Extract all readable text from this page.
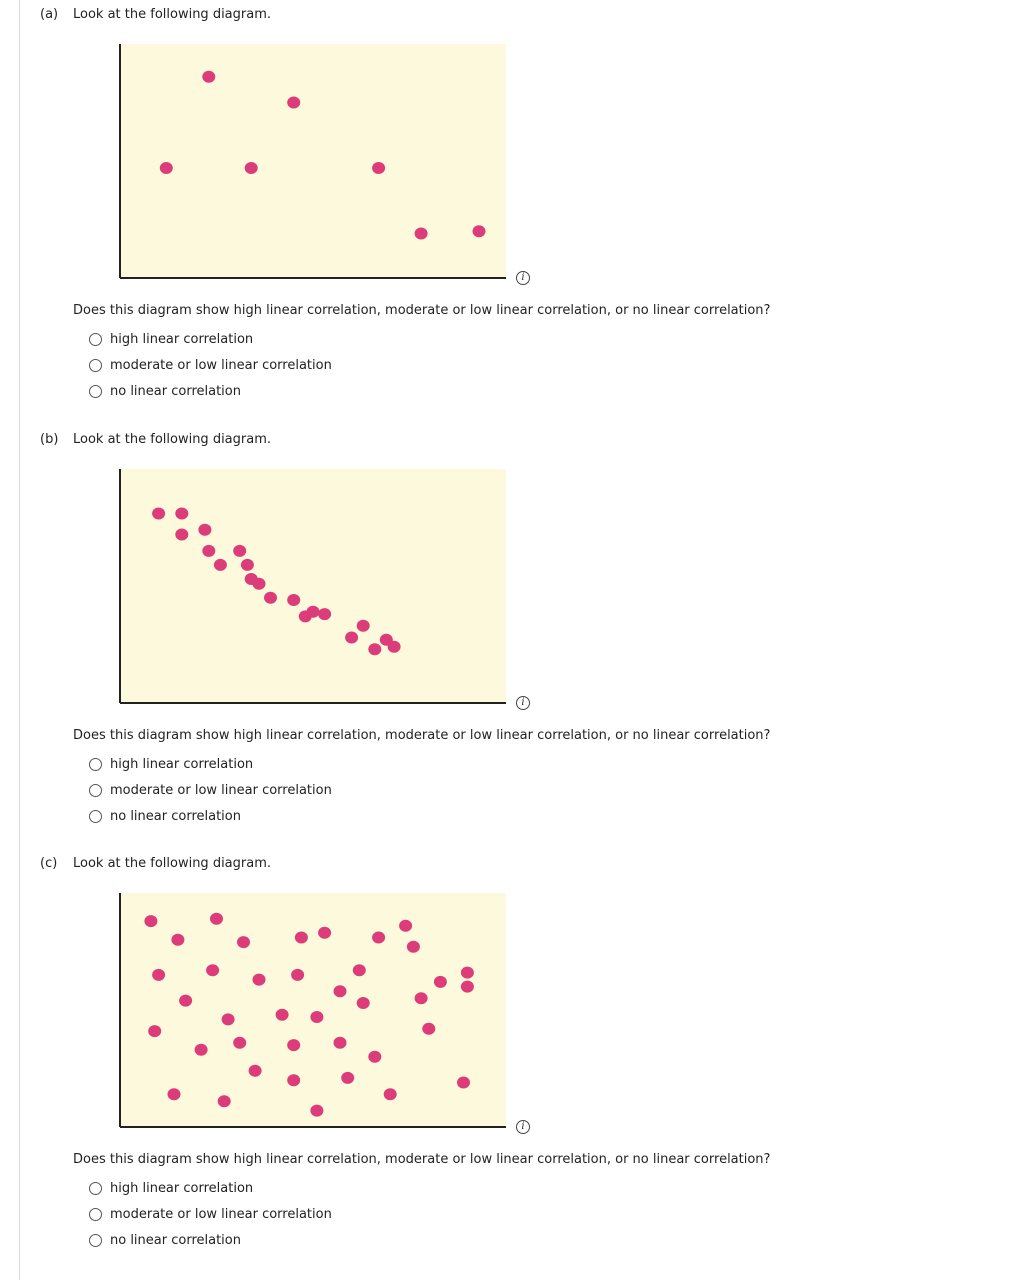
(a) Look at the following diagram.
i
Does this diagram show high linear correlation, moderate or low linear correlation, or no linear correlation?
high linear correlation
moderate or low linear correlation
no linear correlation
(b) Look at the following diagram.
i
Does this diagram show high linear correlation, moderate or low linear correlation, or no linear correlation?
high linear correlation
moderate or low linear correlation
no linear correlation
(c) Look at the following diagram.
i
Does this diagram show high linear correlation, moderate or low linear correlation, or no linear correlation?
high linear correlation
moderate or low linear correlation
no linear correlation
